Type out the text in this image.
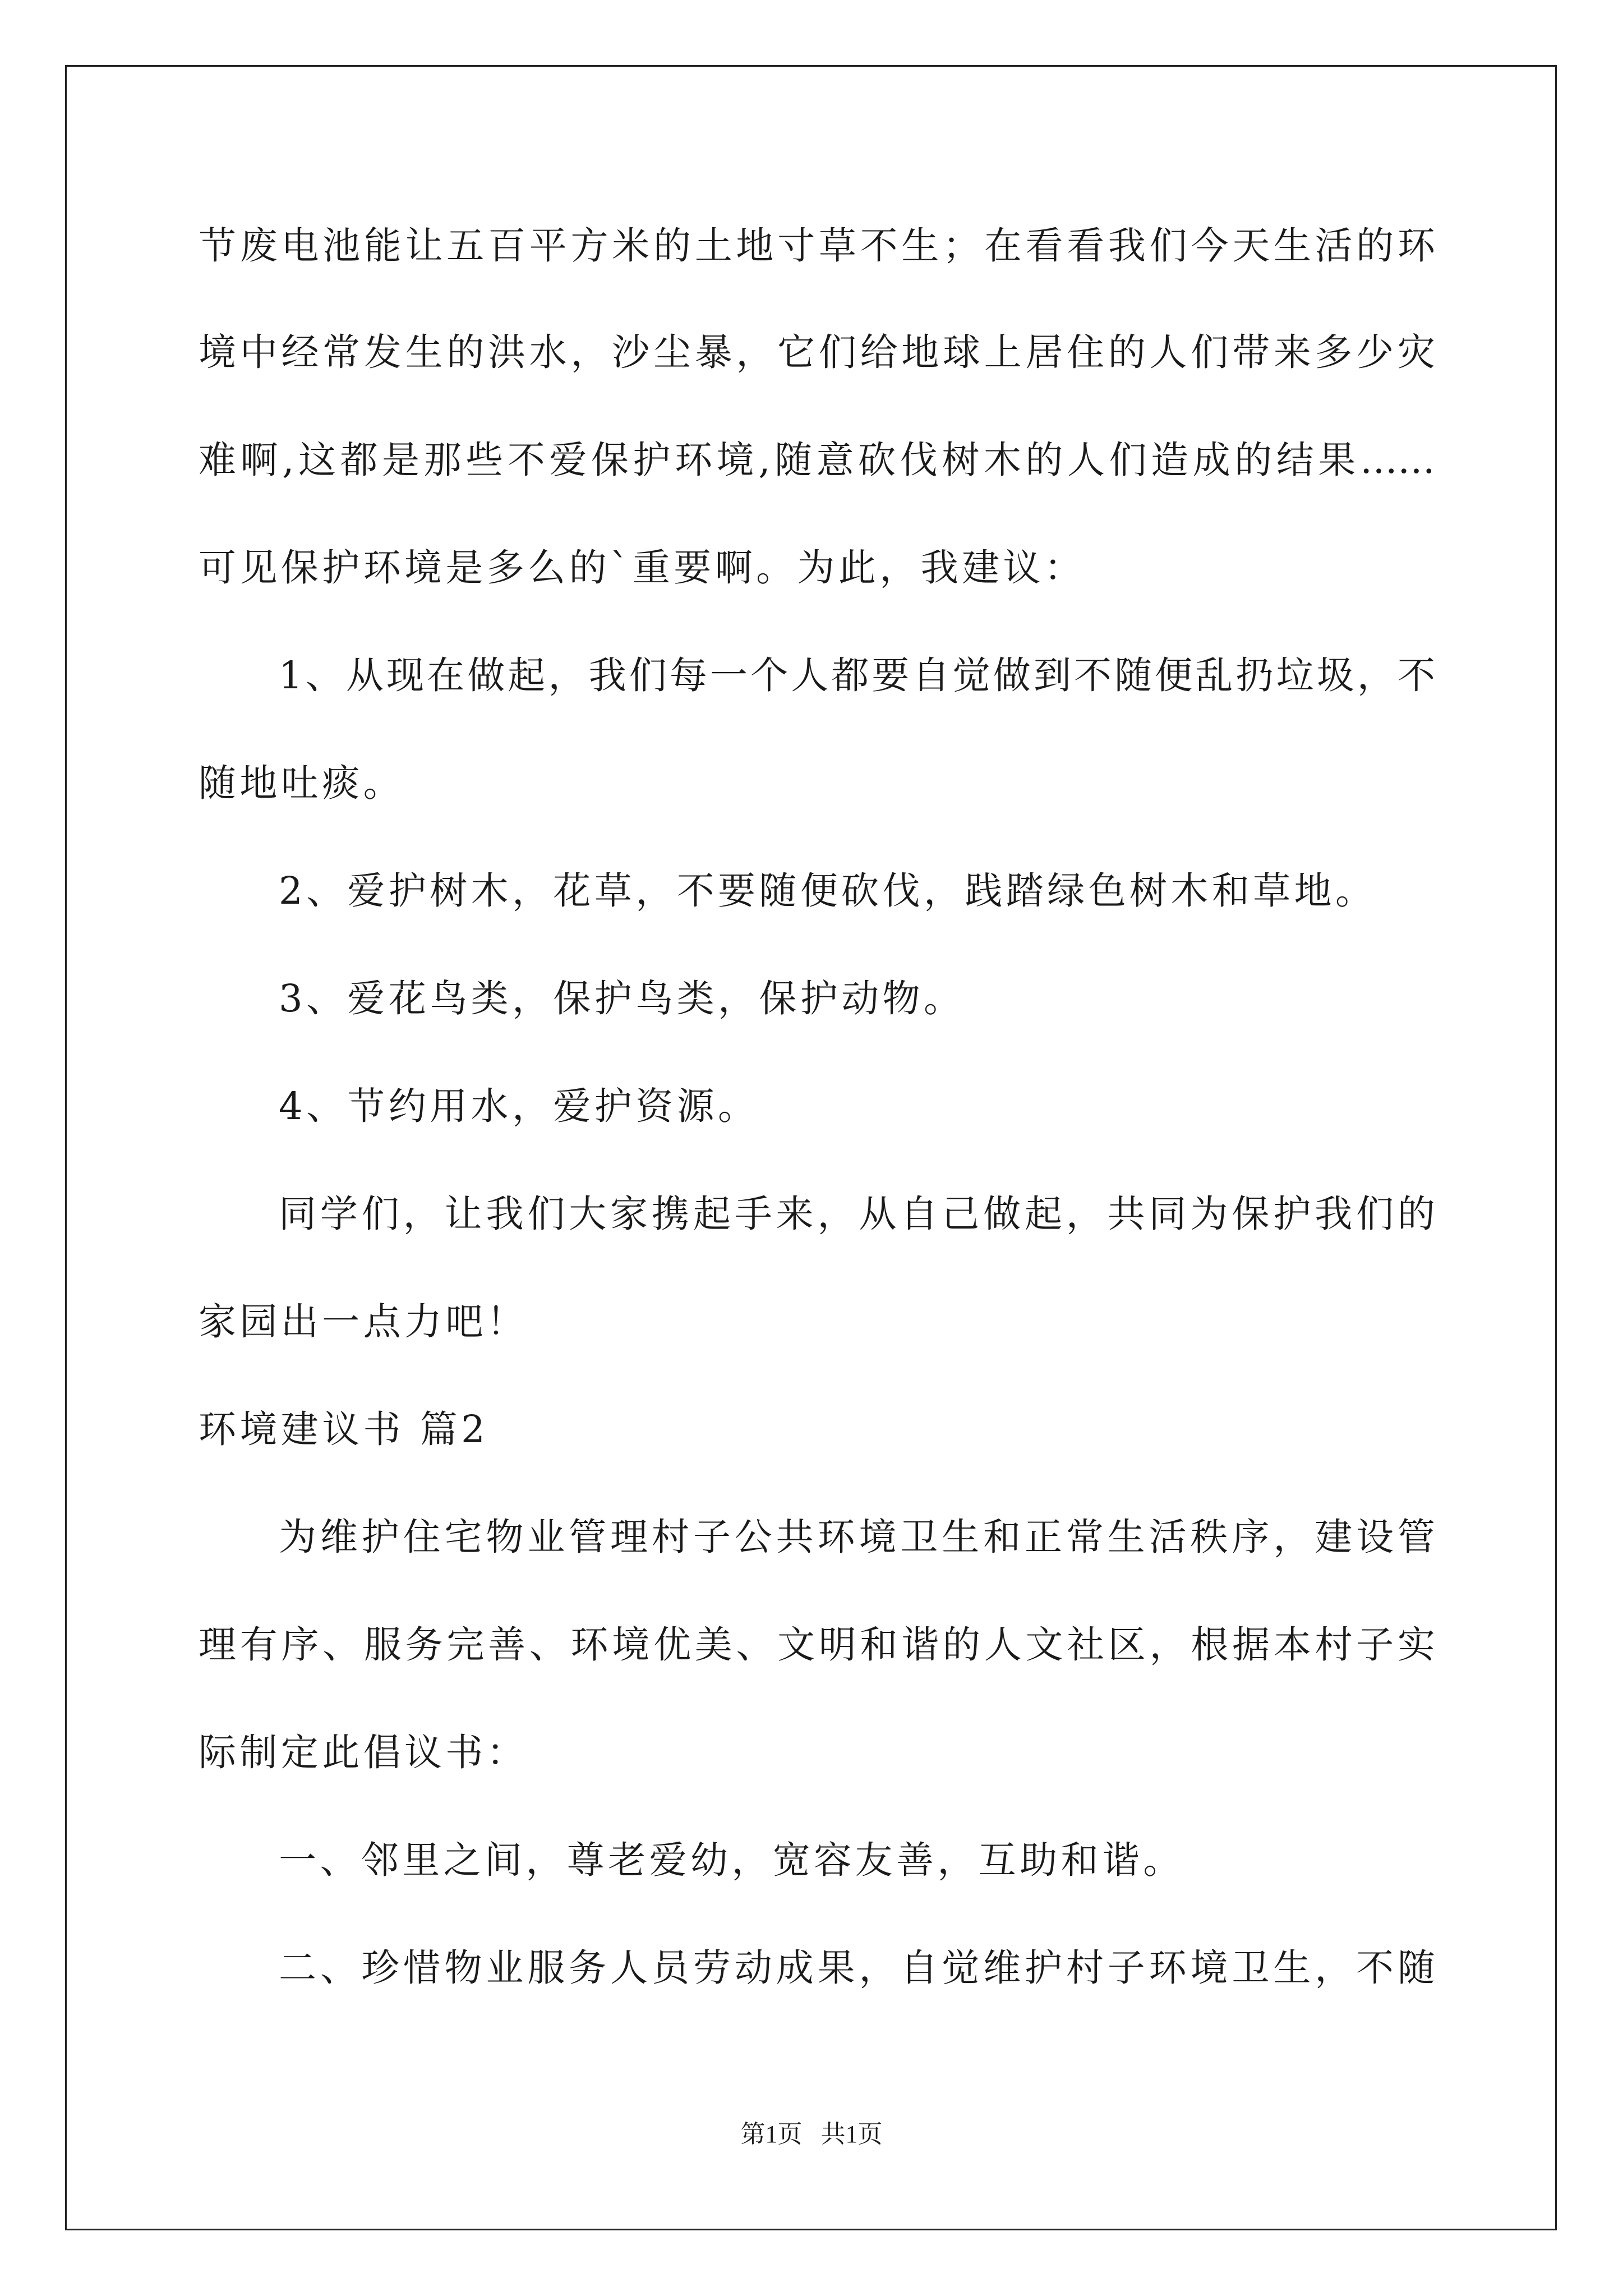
节废电池能让五百平方米的土地寸草不生；在看看我们今天生活的环
境中经常发生的洪水，沙尘暴，它们给地球上居住的人们带来多少灾
难啊,这都是那些不爱保护环境,随意砍伐树木的人们造成的结果……
可见保护环境是多么的`重要啊。为此，我建议：
1、从现在做起，我们每一个人都要自觉做到不随便乱扔垃圾，不
随地吐痰。
2、爱护树木，花草，不要随便砍伐，践踏绿色树木和草地。
3、爱花鸟类，保护鸟类，保护动物。
4、节约用水，爱护资源。
同学们，让我们大家携起手来，从自己做起，共同为保护我们的
家园出一点力吧！
环境建议书 篇2
为维护住宅物业管理村子公共环境卫生和正常生活秩序，建设管
理有序、服务完善、环境优美、文明和谐的人文社区，根据本村子实
际制定此倡议书：
一、邻里之间，尊老爱幼，宽容友善，互助和谐。
二、珍惜物业服务人员劳动成果，自觉维护村子环境卫生，不随
第1页   共1页
